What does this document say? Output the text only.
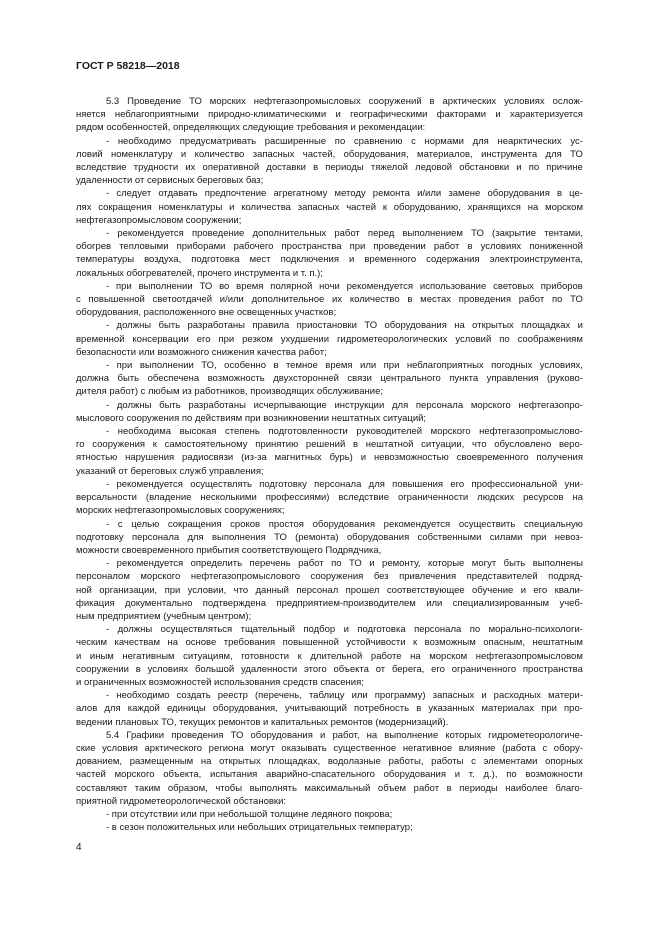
ГОСТ Р 58218—2018
5.3 Проведение ТО морских нефтегазопромысловых сооружений в арктических условиях ослож-
няется неблагоприятными природно-климатическими и географическими факторами и характеризуется
рядом особенностей, определяющих следующие требования и рекомендации:
- необходимо предусматривать расширенные по сравнению с нормами для неарктических ус-
ловий номенклатуру и количество запасных частей, оборудования, материалов, инструмента для ТО
вследствие трудности их оперативной доставки в периоды тяжелой ледовой обстановки и по причине
удаленности от сервисных береговых баз;
- следует отдавать предпочтение агрегатному методу ремонта и/или замене оборудования в це-
лях сокращения номенклатуры и количества запасных частей к оборудованию, хранящихся на морском
нефтегазопромысловом сооружении;
- рекомендуется проведение дополнительных работ перед выполнением ТО (закрытие тентами,
обогрев тепловыми приборами рабочего пространства при проведении работ в условиях пониженной
температуры воздуха, подготовка мест подключения и временного содержания электроинструмента,
локальных обогревателей, прочего инструмента и т. п.);
- при выполнении ТО во время полярной ночи рекомендуется использование световых приборов
с повышенной светоотдачей и/или дополнительное их количество в местах проведения работ по ТО
оборудования, расположенного вне освещенных участков;
- должны быть разработаны правила приостановки ТО оборудования на открытых площадках и
временной консервации его при резком ухудшении гидрометеорологических условий по соображениям
безопасности или возможного снижения качества работ;
- при выполнении ТО, особенно в темное время или при неблагоприятных погодных условиях,
должна быть обеспечена возможность двухсторонней связи центрального пункта управления (руково-
дителя работ) с любым из работников, производящих обслуживание;
- должны быть разработаны исчерпывающие инструкции для персонала морского нефтегазопро-
мыслового сооружения по действиям при возникновении нештатных ситуаций;
- необходима высокая степень подготовленности руководителей морского нефтегазопромыслово-
го сооружения к самостоятельному принятию решений в нештатной ситуации, что обусловлено веро-
ятностью нарушения радиосвязи (из-за магнитных бурь) и невозможностью своевременного получения
указаний от береговых служб управления;
- рекомендуется осуществлять подготовку персонала для повышения его профессиональной уни-
версальности (владение несколькими профессиями) вследствие ограниченности людских ресурсов на
морских нефтегазопромысловых сооружениях;
- с целью сокращения сроков простоя оборудования рекомендуется осуществить специальную
подготовку персонала для выполнения ТО (ремонта) оборудования собственными силами при невоз-
можности своевременного прибытия соответствующего Подрядчика,
- рекомендуется определить перечень работ по ТО и ремонту, которые могут быть выполнены
персоналом морского нефтегазопромыслового сооружения без привлечения представителей подряд-
ной организации, при условии, что данный персонал прошел соответствующее обучение и его квали-
фикация документально подтверждена предприятием-производителем или специализированным учеб-
ным предприятием (учебным центром);
- должны осуществляться тщательный подбор и подготовка персонала по морально-психологи-
ческим качествам на основе требования повышенной устойчивости к возможным опасным, нештатным
и иным негативным ситуациям, готовности к длительной работе на морском нефтегазопромысловом
сооружении в условиях большой удаленности этого объекта от берега, его ограниченного пространства
и ограниченных возможностей использования средств спасения;
- необходимо создать реестр (перечень, таблицу или программу) запасных и расходных матери-
алов для каждой единицы оборудования, учитывающий потребность в указанных материалах при про-
ведении плановых ТО, текущих ремонтов и капитальных ремонтов (модернизаций).
5.4 Графики проведения ТО оборудования и работ, на выполнение которых гидрометеорологиче-
ские условия арктического региона могут оказывать существенное негативное влияние (работа с обору-
дованием, размещенным на открытых площадках, водолазные работы, работы с элементами опорных
частей морского объекта, испытания аварийно-спасательного оборудования и т. д.), по возможности
составляют таким образом, чтобы выполнять максимальный объем работ в периоды наиболее благо-
приятной гидрометеорологической обстановки:
- при отсутствии или при небольшой толщине ледяного покрова;
- в сезон положительных или небольших отрицательных температур;
4
